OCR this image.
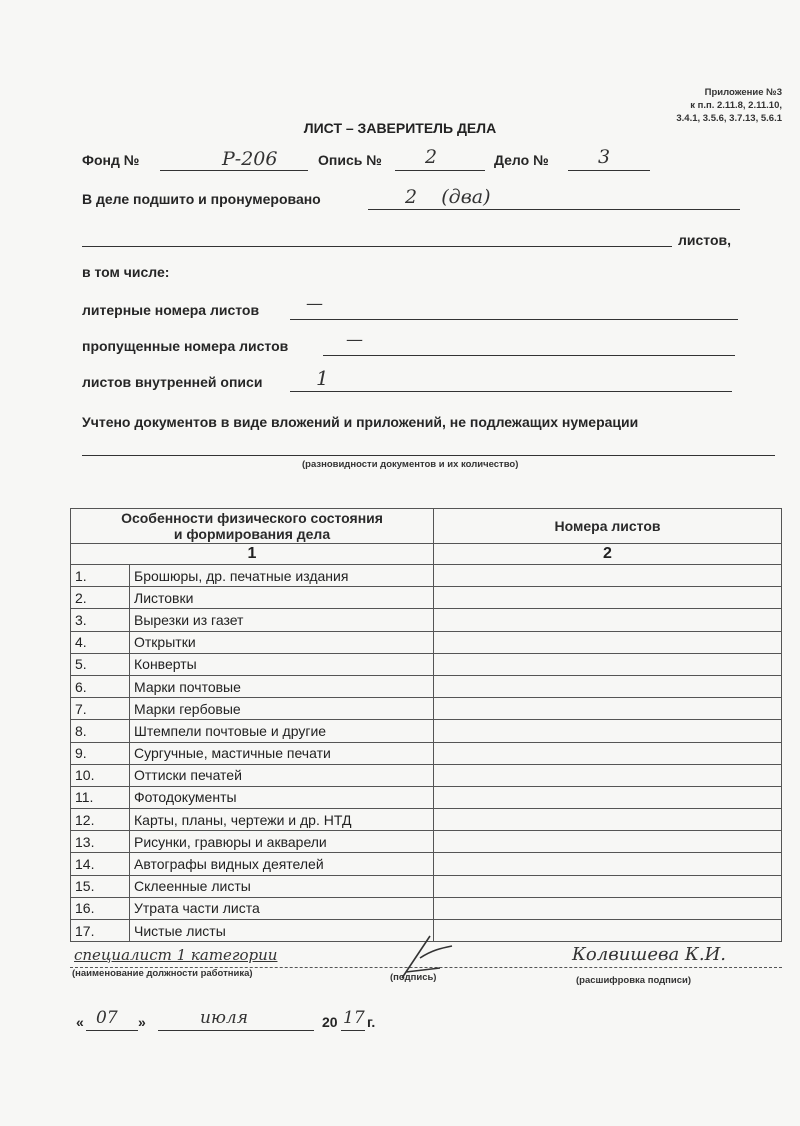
Приложение №3
к п.п. 2.11.8, 2.11.10,
3.4.1, 3.5.6, 3.7.13, 5.6.1
ЛИСТ – ЗАВЕРИТЕЛЬ ДЕЛА
Фонд №	Р-206	Опись № 2	Дело №	3
В деле подшито и пронумеровано	2    (два)
листов,
в том числе:
литерные номера листов	—
пропущенные номера листов	—
листов внутренней описи	1
Учтено документов в виде вложений и приложений, не подлежащих нумерации
(разновидности документов и их количество)
Особенности физического состояния
и формирования дела		Номера листов
1		2
1.	Брошюры, др. печатные издания	
2.	Листовки	
3.	Вырезки из газет	
4.	Открытки	
5.	Конверты	
6.	Марки почтовые	
7.	Марки гербовые	
8.	Штемпели почтовые и другие	
9.	Сургучные, мастичные печати	
10.	Оттиски печатей	
11.	Фотодокументы	
12.	Карты, планы, чертежи и др. НТД	
13.	Рисунки, гравюры и акварели	
14.	Автографы видных деятелей	
15.	Склеенные листы	
16.	Утрата части листа	
17.	Чистые листы	
специалист 1 категории
(наименование должности работника)	(подпись)
Колвишева К.И.
(расшифровка подписи)
« 07 »	июля	20 17 г.
